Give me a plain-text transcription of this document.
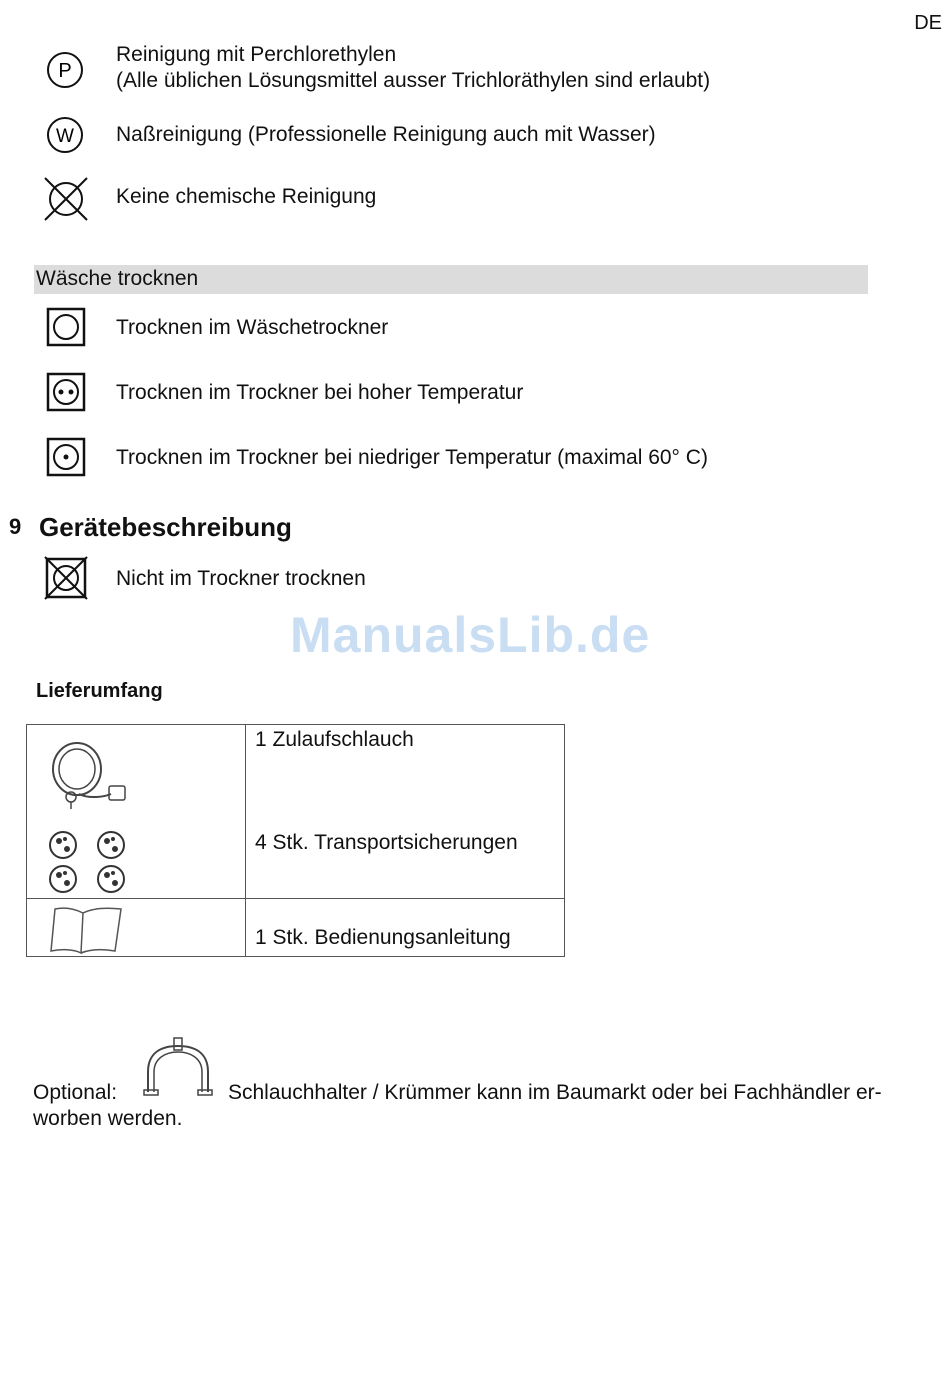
DE
P
Reinigung mit Perchlorethylen
(Alle üblichen Lösungsmittel ausser Trichloräthylen sind erlaubt)
W Naßreinigung (Professionelle Reinigung auch mit Wasser)
Keine chemische Reinigung
Wäsche trocknen
Trocknen im Wäschetrockner
Trocknen im Trockner bei hoher Temperatur
Trocknen im Trockner bei niedriger Temperatur (maximal 60° C)
9 Gerätebeschreibung
Nicht im Trockner trocknen
ManualsLib.de
Lieferumfang

1 Zulaufschlauch
4 Stk. Transportsicherungen

1 Stk. Bedienungsanleitung
Optional:	Schlauchhalter / Krümmer kann im Baumarkt oder bei Fachhändler er-
worben werden.
